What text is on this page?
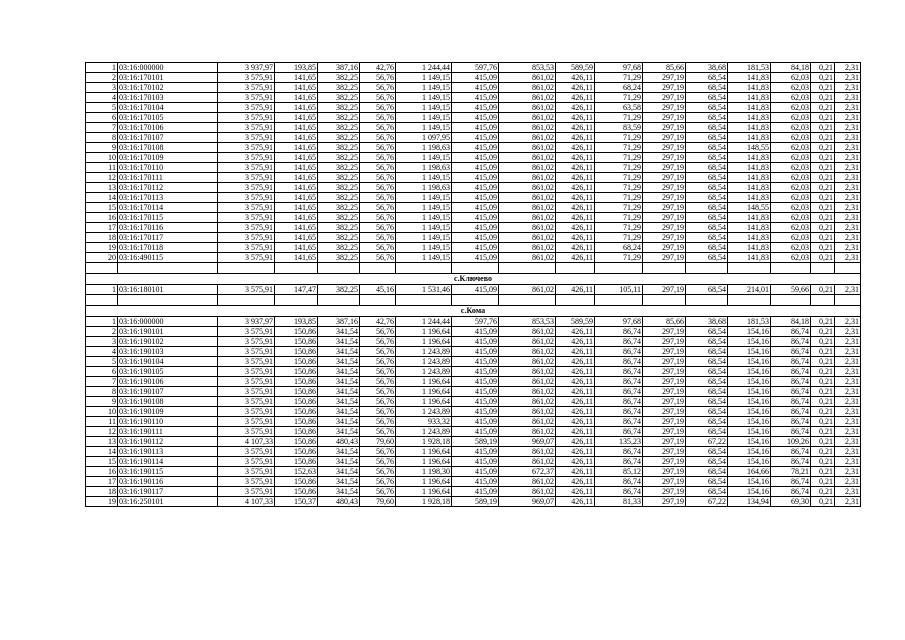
1	03:16:000000	3 937,97	193,85	387,16	42,76	1 244,44	597,76	853,53	589,59	97,68	85,66	38,68	181,53	84,18	0,21	2,31
2	03:16:170101	3 575,91	141,65	382,25	56,76	1 149,15	415,09	861,02	426,11	71,29	297,19	68,54	141,83	62,03	0,21	2,31
3	03:16:170102	3 575,91	141,65	382,25	56,76	1 149,15	415,09	861,02	426,11	68,24	297,19	68,54	141,83	62,03	0,21	2,31
4	03:16:170103	3 575,91	141,65	382,25	56,76	1 149,15	415,09	861,02	426,11	71,29	297,19	68,54	141,83	62,03	0,21	2,31
5	03:16:170104	3 575,91	141,65	382,25	56,76	1 149,15	415,09	861,02	426,11	63,58	297,19	68,54	141,83	62,03	0,21	2,31
6	03:16:170105	3 575,91	141,65	382,25	56,76	1 149,15	415,09	861,02	426,11	71,29	297,19	68,54	141,83	62,03	0,21	2,31
7	03:16:170106	3 575,91	141,65	382,25	56,76	1 149,15	415,09	861,02	426,11	83,59	297,19	68,54	141,83	62,03	0,21	2,31
8	03:16:170107	3 575,91	141,65	382,25	56,76	1 097,95	415,09	861,02	426,11	71,29	297,19	68,54	141,83	62,03	0,21	2,31
9	03:16:170108	3 575,91	141,65	382,25	56,76	1 198,63	415,09	861,02	426,11	71,29	297,19	68,54	148,55	62,03	0,21	2,31
10	03:16:170109	3 575,91	141,65	382,25	56,76	1 149,15	415,09	861,02	426,11	71,29	297,19	68,54	141,83	62,03	0,21	2,31
11	03:16:170110	3 575,91	141,65	382,25	56,76	1 198,63	415,09	861,02	426,11	71,29	297,19	68,54	141,83	62,03	0,21	2,31
12	03:16:170111	3 575,91	141,65	382,25	56,76	1 149,15	415,09	861,02	426,11	71,29	297,19	68,54	141,83	62,03	0,21	2,31
13	03:16:170112	3 575,91	141,65	382,25	56,76	1 198,63	415,09	861,02	426,11	71,29	297,19	68,54	141,83	62,03	0,21	2,31
14	03:16:170113	3 575,91	141,65	382,25	56,76	1 149,15	415,09	861,02	426,11	71,29	297,19	68,54	141,83	62,03	0,21	2,31
15	03:16:170114	3 575,91	141,65	382,25	56,76	1 149,15	415,09	861,02	426,11	71,29	297,19	68,54	148,55	62,03	0,21	2,31
16	03:16:170115	3 575,91	141,65	382,25	56,76	1 149,15	415,09	861,02	426,11	71,29	297,19	68,54	141,83	62,03	0,21	2,31
17	03:16:170116	3 575,91	141,65	382,25	56,76	1 149,15	415,09	861,02	426,11	71,29	297,19	68,54	141,83	62,03	0,21	2,31
18	03:16:170117	3 575,91	141,65	382,25	56,76	1 149,15	415,09	861,02	426,11	71,29	297,19	68,54	141,83	62,03	0,21	2,31
19	03:16:170118	3 575,91	141,65	382,25	56,76	1 149,15	415,09	861,02	426,11	68,24	297,19	68,54	141,83	62,03	0,21	2,31
20	03:16:490115	3 575,91	141,65	382,25	56,76	1 149,15	415,09	861,02	426,11	71,29	297,19	68,54	141,83	62,03	0,21	2,31

с.Ключево																
1	03:16:180101	3 575,91	147,47	382,25	45,16	1 531,46	415,09	861,02	426,11	105,11	297,19	68,54	214,01	59,66	0,21	2,31

с.Кома																
1	03:16:000000	3 937,97	193,85	387,16	42,76	1 244,44	597,76	853,53	589,59	97,68	85,66	38,68	181,53	84,18	0,21	2,31
2	03:16:190101	3 575,91	150,86	341,54	56,76	1 196,64	415,09	861,02	426,11	86,74	297,19	68,54	154,16	86,74	0,21	2,31
3	03:16:190102	3 575,91	150,86	341,54	56,76	1 196,64	415,09	861,02	426,11	86,74	297,19	68,54	154,16	86,74	0,21	2,31
4	03:16:190103	3 575,91	150,86	341,54	56,76	1 243,89	415,09	861,02	426,11	86,74	297,19	68,54	154,16	86,74	0,21	2,31
5	03:16:190104	3 575,91	150,86	341,54	56,76	1 243,89	415,09	861,02	426,11	86,74	297,19	68,54	154,16	86,74	0,21	2,31
6	03:16:190105	3 575,91	150,86	341,54	56,76	1 243,89	415,09	861,02	426,11	86,74	297,19	68,54	154,16	86,74	0,21	2,31
7	03:16:190106	3 575,91	150,86	341,54	56,76	1 196,64	415,09	861,02	426,11	86,74	297,19	68,54	154,16	86,74	0,21	2,31
8	03:16:190107	3 575,91	150,86	341,54	56,76	1 196,64	415,09	861,02	426,11	86,74	297,19	68,54	154,16	86,74	0,21	2,31
9	03:16:190108	3 575,91	150,86	341,54	56,76	1 196,64	415,09	861,02	426,11	86,74	297,19	68,54	154,16	86,74	0,21	2,31
10	03:16:190109	3 575,91	150,86	341,54	56,76	1 243,89	415,09	861,02	426,11	86,74	297,19	68,54	154,16	86,74	0,21	2,31
11	03:16:190110	3 575,91	150,86	341,54	56,76	933,32	415,09	861,02	426,11	86,74	297,19	68,54	154,16	86,74	0,21	2,31
12	03:16:190111	3 575,91	150,86	341,54	56,76	1 243,89	415,09	861,02	426,11	86,74	297,19	68,54	154,16	86,74	0,21	2,31
13	03:16:190112	4 107,33	150,86	480,43	79,60	1 928,18	589,19	969,07	426,11	135,23	297,19	67,22	154,16	109,26	0,21	2,31
14	03:16:190113	3 575,91	150,86	341,54	56,76	1 196,64	415,09	861,02	426,11	86,74	297,19	68,54	154,16	86,74	0,21	2,31
15	03:16:190114	3 575,91	150,86	341,54	56,76	1 196,64	415,09	861,02	426,11	86,74	297,19	68,54	154,16	86,74	0,21	2,31
16	03:16:190115	3 575,91	152,63	341,54	56,76	1 198,30	415,09	672,37	426,11	85,12	297,19	68,54	164,66	78,21	0,21	2,31
17	03:16:190116	3 575,91	150,86	341,54	56,76	1 196,64	415,09	861,02	426,11	86,74	297,19	68,54	154,16	86,74	0,21	2,31
18	03:16:190117	3 575,91	150,86	341,54	56,76	1 196,64	415,09	861,02	426,11	86,74	297,19	68,54	154,16	86,74	0,21	2,31
19	03:16:250101	4 107,33	150,37	480,43	79,60	1 928,18	589,19	969,07	426,11	81,33	297,19	67,22	134,94	69,30	0,21	2,31
